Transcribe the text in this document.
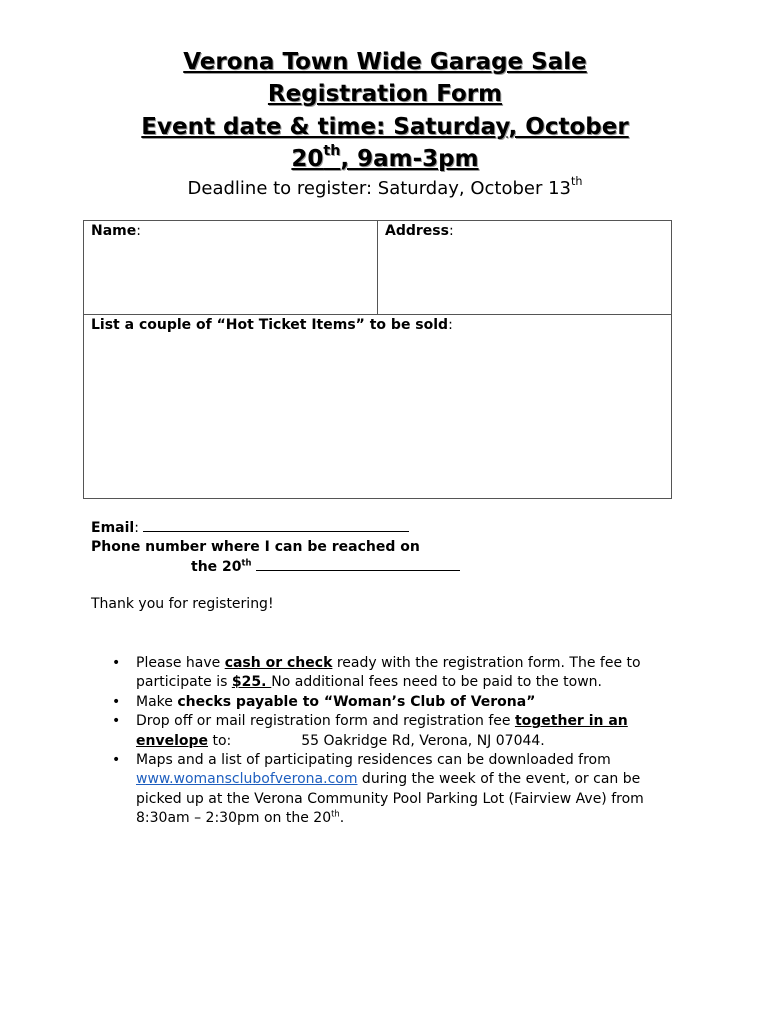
Verona Town Wide Garage Sale
Registration Form
Event date & time: Saturday, October
20th, 9am-3pm
Deadline to register: Saturday, October 13th
Name:	Address:
List a couple of “Hot Ticket Items” to be sold:
Email:
Phone number where I can be reached on
the 20th
Thank you for registering!
• Please have cash or check ready with the registration form. The fee to participate is $25. No additional fees need to be paid to the town.
• Make checks payable to “Woman’s Club of Verona”
• Drop off or mail registration form and registration fee together in an envelope to:	55 Oakridge Rd, Verona, NJ 07044.
• Maps and a list of participating residences can be downloaded from www.womansclubofverona.com during the week of the event, or can be picked up at the Verona Community Pool Parking Lot (Fairview Ave) from 8:30am – 2:30pm on the 20th.
